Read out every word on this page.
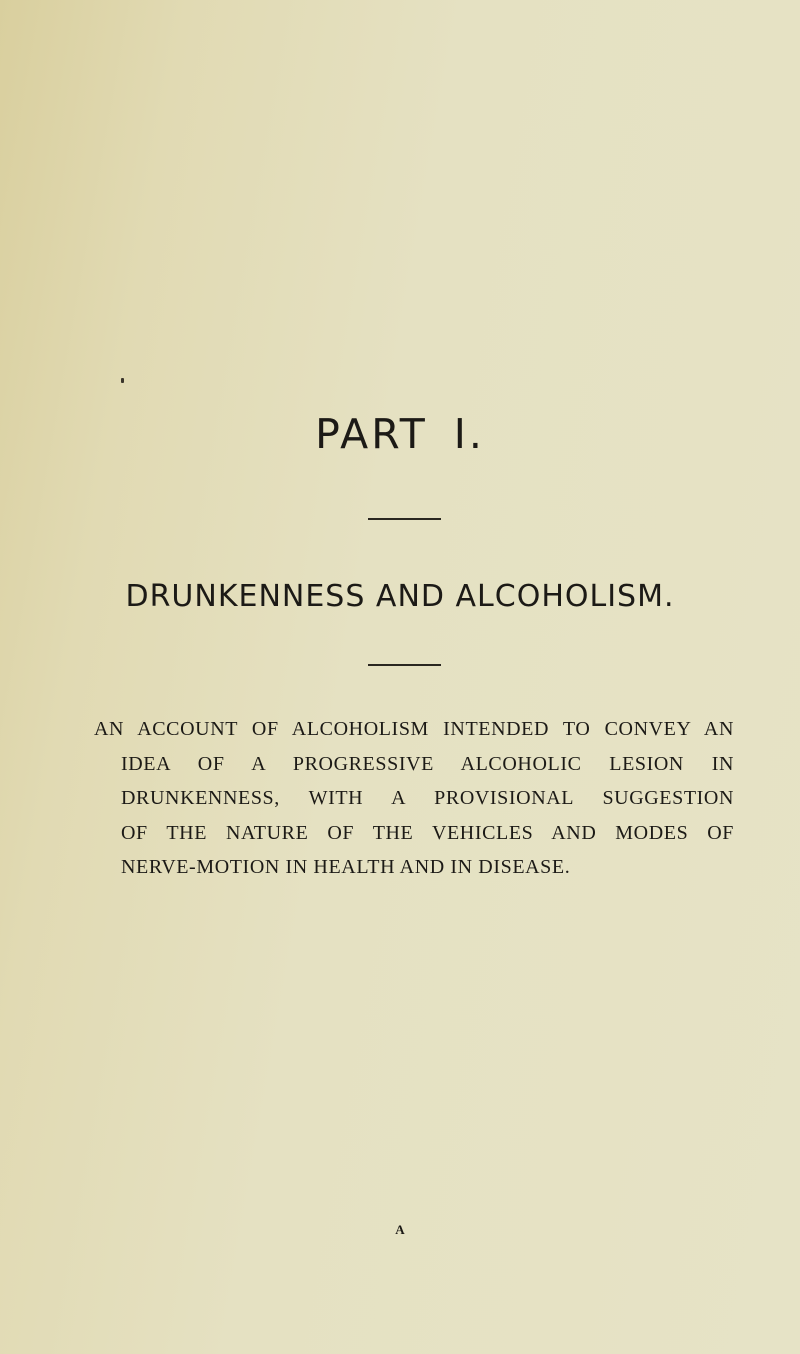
PART I.
DRUNKENNESS AND ALCOHOLISM.
AN ACCOUNT OF ALCOHOLISM INTENDED TO CONVEY AN
IDEA OF A PROGRESSIVE ALCOHOLIC LESION IN
DRUNKENNESS, WITH A PROVISIONAL SUGGESTION
OF THE NATURE OF THE VEHICLES AND MODES OF
NERVE-MOTION IN HEALTH AND IN DISEASE.
A
